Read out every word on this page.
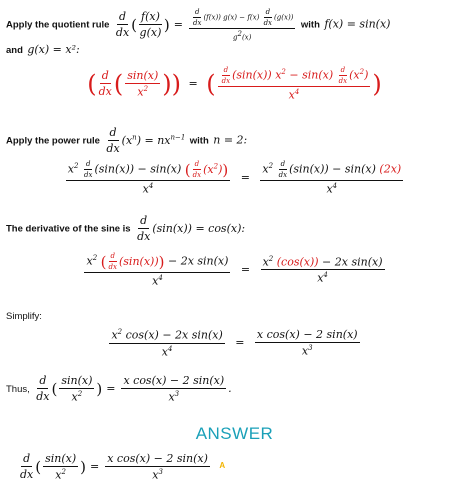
Apply the quotient rule $\frac{d}{dx}$ ( $\frac{f(x)}{g(x)}$ ) = $\frac{\frac{d}{dx} (f(x)) g(x) - f(x) \frac{d}{dx} (g(x))}{g^2(x)}$ with f(x) = sin(x)
and g(x) = x²:
( $\frac{d}{dx}$ ( $\frac{\sin(x)}{x^2}$ )) = ( $\frac{\frac{d}{dx} (\sin(x)) x^2 - \sin(x) \frac{d}{dx} (x^2)}{x^4}$ )
Apply the power rule $\frac{d}{dx} (x^n) = nx^{n-1}$ with n = 2:
$\frac{x^2 \frac{d}{dx} (\sin(x)) - \sin(x) ( \frac{d}{dx} (x^2))}{x^4} = \frac{x^2 \frac{d}{dx} (\sin(x)) - \sin(x) (2x)}{x^4}$
The derivative of the sine is $\frac{d}{dx} (\sin(x)) = \cos(x)$:
$\frac{x^2 ( \frac{d}{dx} (\sin(x))) - 2x \sin(x)}{x^4} = \frac{x^2 (\cos(x)) - 2x \sin(x)}{x^4}$
Simplify:
$\frac{x^2 \cos(x) - 2x \sin(x)}{x^4} = \frac{\text{x cos(x) − 2 sin(x)}}{x^3}$
Thus, $\frac{d}{dx}$ ( $\frac{\sin(x)}{x^2}$ ) = $\frac{\text{x cos(x) − 2 sin(x)}}{x^3}$ .
ANSWER
$\frac{d}{dx}$ ( $\frac{\sin(x)}{x^2}$ ) = $\frac{\text{x cos(x) − 2 sin(x)}}{x^3}$ A
